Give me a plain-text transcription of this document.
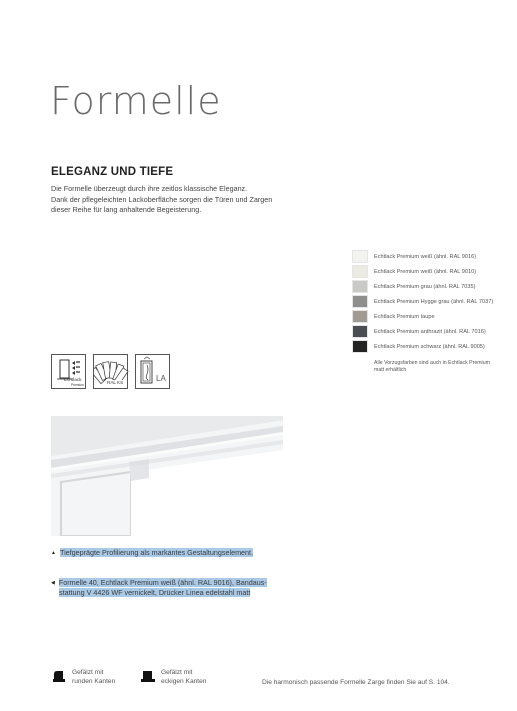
Formelle
ELEGANZ UND TIEFE
Die Formelle überzeugt durch ihre zeitlos klassische Eleganz.
Dank der pflegeleichten Lackoberfläche sorgen die Türen und Zargen
dieser Reihe für lang anhaltende Begeisterung.
Echtlack Premium weiß (ähnl. RAL 9016)
Echtlack Premium weiß (ähnl. RAL 9010)
Echtlack Premium grau (ähnl. RAL 7035)
Echtlack Premium Hygge grau (ähnl. RAL 7037)
Echtlack Premium taupe
Echtlack Premium anthrazit (ähnl. RAL 7016)
Echtlack Premium schwarz (ähnl. RAL 9005)
Alle Vorzugsfarben sind auch in Echtlack Premium matt erhältlich
Echtlack
Premium	RAL KS	LA
▲ Tiefgeprägte Profilierung als markantes Gestaltungselement.
◀ Formelle 40, Echtlack Premium weiß (ähnl. RAL 9016), Bandaus-
stattung V 4426 WF vernickelt, Drücker Linea edelstahl matt
Gefälzt mit
runden Kanten
Gefälzt mit
eckigen Kanten	Die harmonisch passende Formelle Zarge finden Sie auf S. 104.
